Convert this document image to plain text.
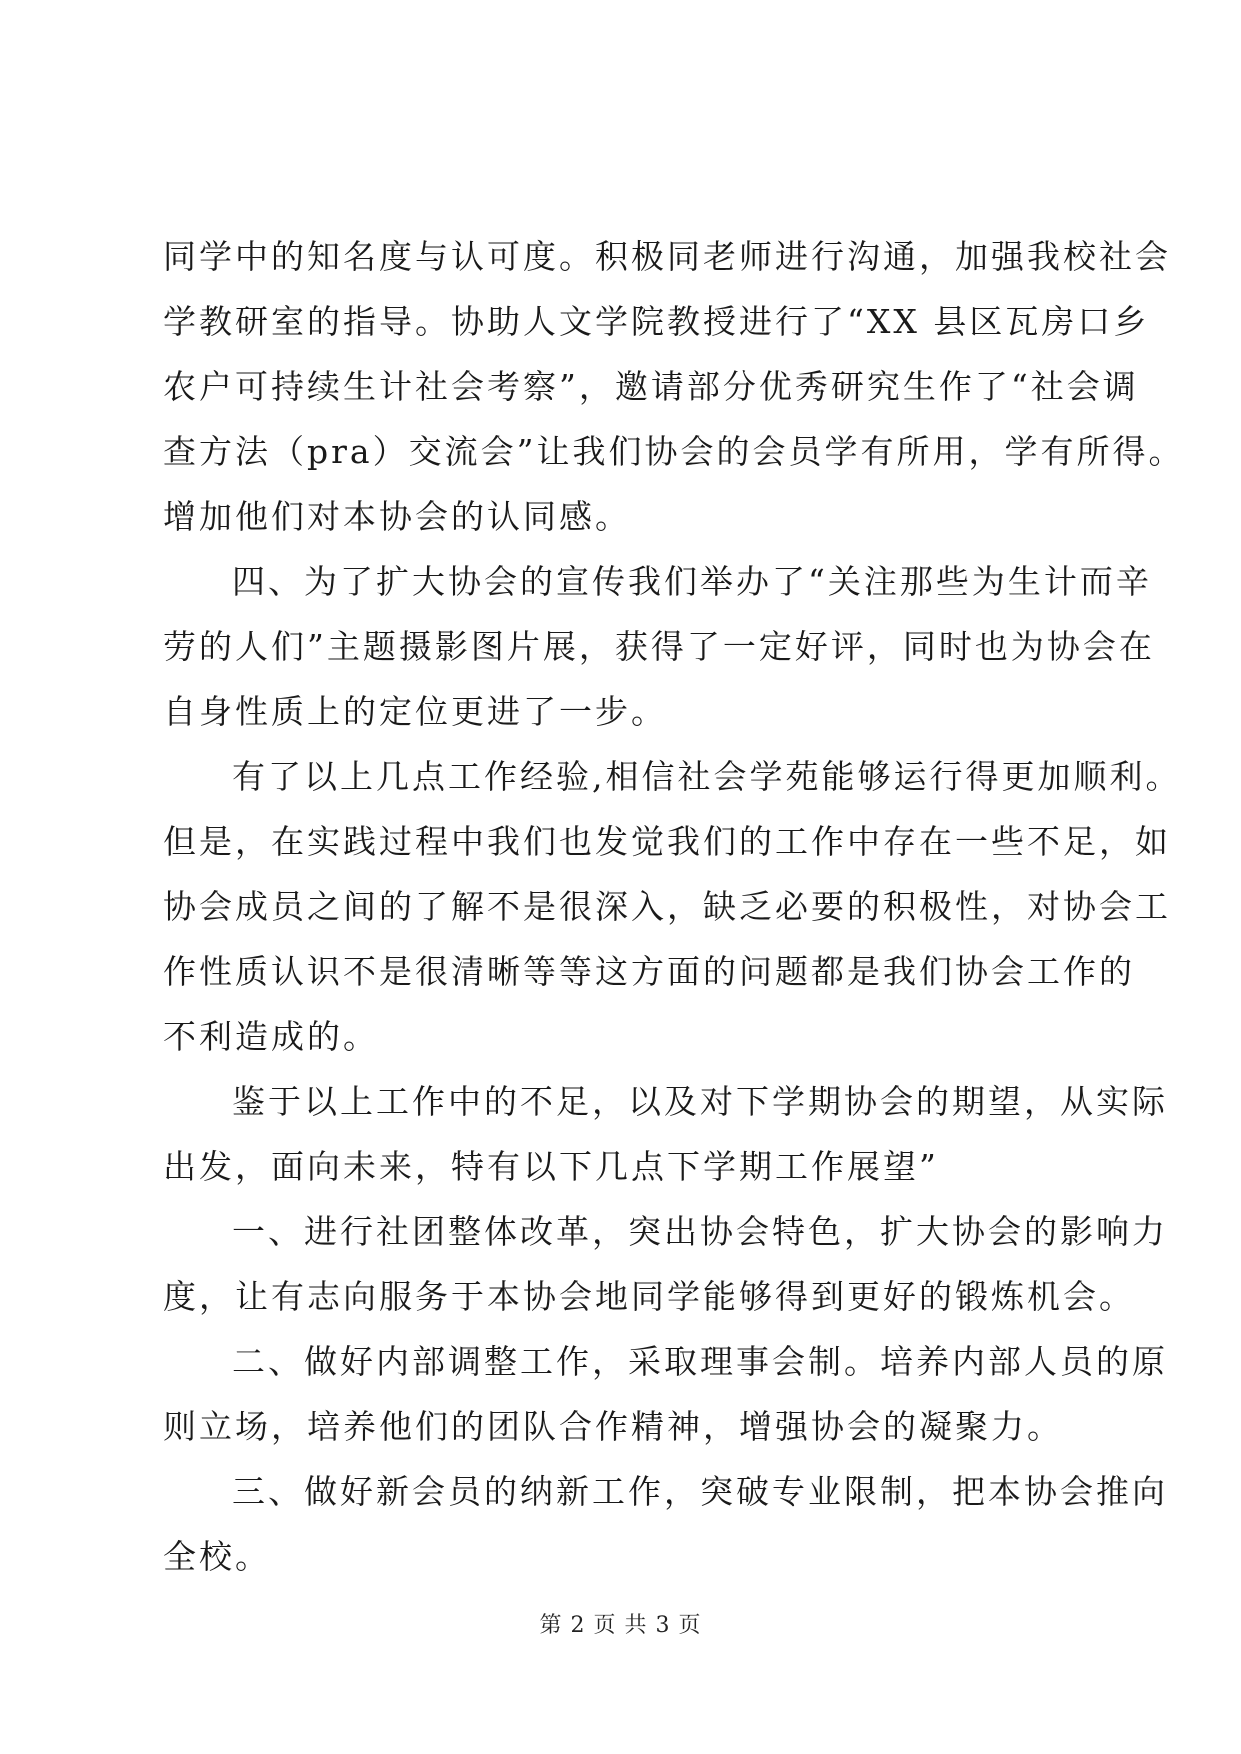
同学中的知名度与认可度。积极同老师进行沟通，加强我校社会
学教研室的指导。协助人文学院教授进行了“XX 县区瓦房口乡
农户可持续生计社会考察”，邀请部分优秀研究生作了“社会调
查方法（pra）交流会”让我们协会的会员学有所用，学有所得。
增加他们对本协会的认同感。

四、为了扩大协会的宣传我们举办了“关注那些为生计而辛
劳的人们”主题摄影图片展，获得了一定好评，同时也为协会在
自身性质上的定位更进了一步。

有了以上几点工作经验,相信社会学苑能够运行得更加顺利。
但是，在实践过程中我们也发觉我们的工作中存在一些不足，如
协会成员之间的了解不是很深入，缺乏必要的积极性，对协会工
作性质认识不是很清晰等等这方面的问题都是我们协会工作的
不利造成的。

鉴于以上工作中的不足，以及对下学期协会的期望，从实际
出发，面向未来，特有以下几点下学期工作展望”

一、进行社团整体改革，突出协会特色，扩大协会的影响力
度，让有志向服务于本协会地同学能够得到更好的锻炼机会。

二、做好内部调整工作，采取理事会制。培养内部人员的原
则立场，培养他们的团队合作精神，增强协会的凝聚力。

三、做好新会员的纳新工作，突破专业限制，把本协会推向
全校。

第 2 页 共 3 页
